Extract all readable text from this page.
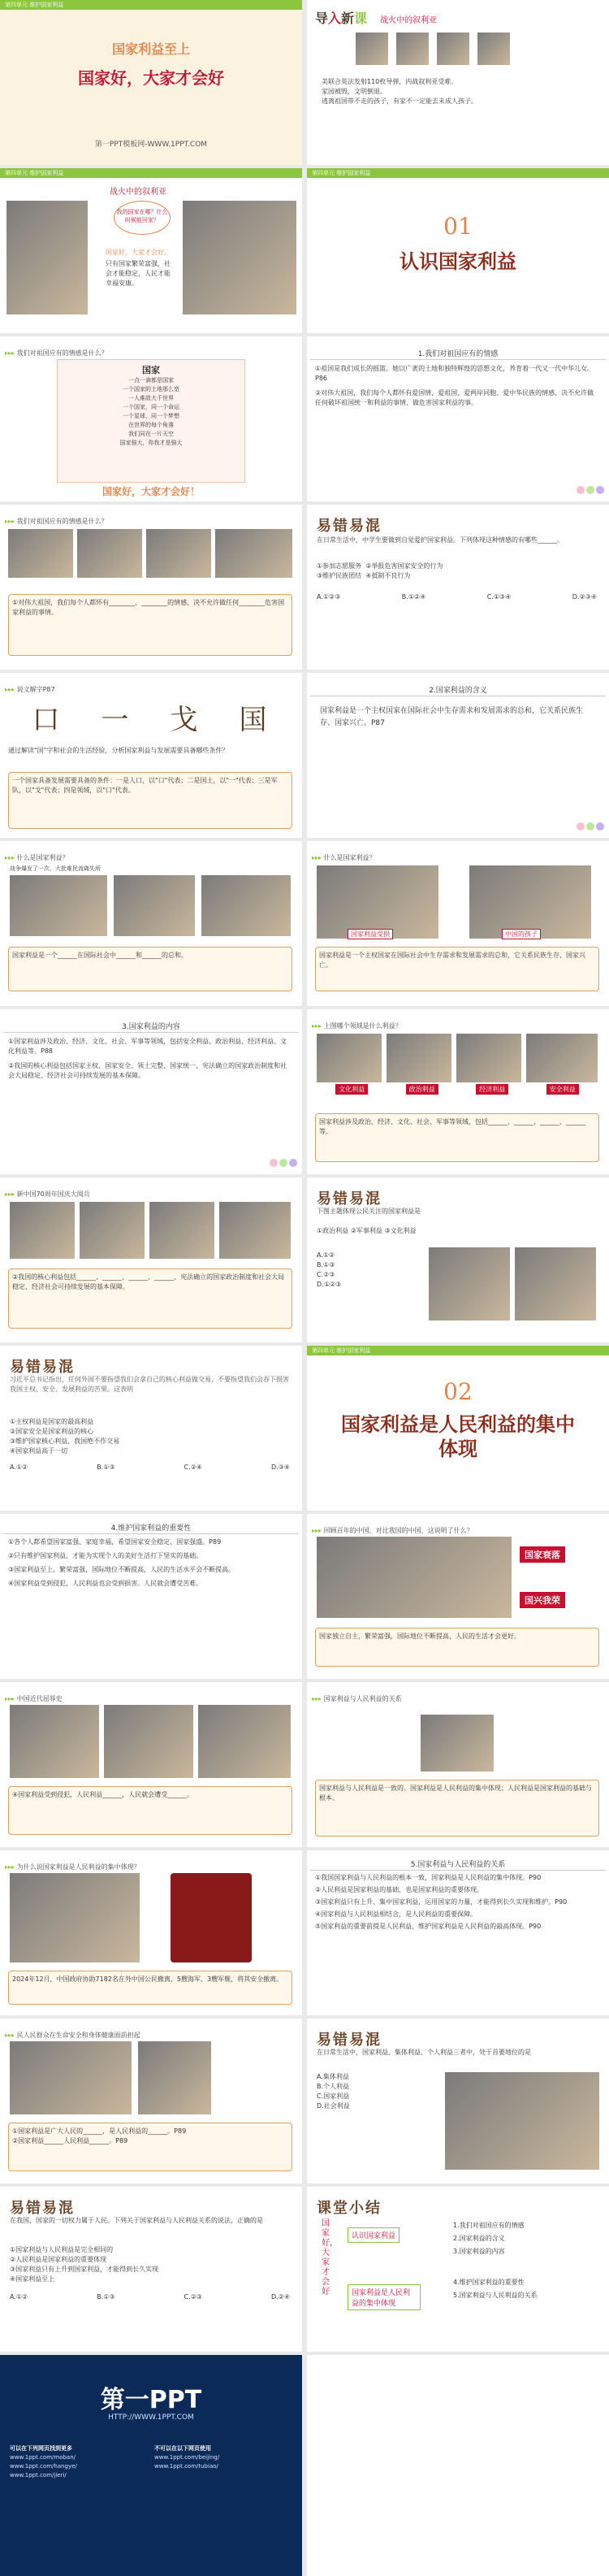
第四单元 维护国家利益
国家利益至上
国家好，大家才会好
第一PPT模板网-WWW.1PPT.COM
导入新课 战火中的叙利亚
美联合英法发射110枚导弹，内战叙利亚受难。
家园被毁，文明倒退。
逃离祖国带不走的孩子，有家不一定能去未成人孩子。
第四单元 维护国家利益
战火中的叙利亚
我的国家在哪？什么时候能回家？
国家好，大家才会好。
只有国家繁荣富强，社会才能稳定，人民才能幸福安康。
第四单元 维护国家利益
01
认识国家利益
▸▸▸ 我们对祖国应有的情感是什么？
国家
一点一滴都是国家
一个国家的土地那么宽
一人难敌大千世界
一个国家，同一个命运
一个星球，同一个梦想
在世界的每个角落
我们同在一片天空
国家强大，你我才是强大
国家好，大家才会好！
1.我们对祖国应有的情感

①祖国是我们成长的摇篮。她以广袤的土地和独特辉煌的思想文化，养育着一代又一代中华儿女。P86

②对伟大祖国，我们每个人都怀有爱国情、爱祖国、爱两岸同胞、爱中华民族的情感，决不允许做任何破坏祖国统一和利益的事情、做危害国家利益的事。

▸▸▸ 我们对祖国应有的情感是什么？
①对伟大祖国，我们每个人都怀有________、________的情感，决不允许做任何________危害国家利益的事情。
易错易混
在日常生活中，中学生要做到自觉爱护国家利益。下列体现这种情感的有哪些______。
①参加志愿服务 ②举报危害国家安全的行为
③维护民族团结 ④抵制不良行为
A.①②③	B.①②④	C.①③④	D.②③④
▸▸▸ 说文解字P87
口 一 戈 国
通过解读"国"字和社会的生活经验，分析国家利益与发展需要具备哪些条件？
一个国家具备发展需要具备的条件：一是人口，以"口"代表；二是国土，以"一"代表；三是军队，以"戈"代表；四是领域，以"口"代表。
2.国家利益的含义
国家利益是一个主权国家在国际社会中生存需求和发展需求的总和，它关系民族生存、国家兴亡。P87
▸▸▸ 什么是国家利益？
战争爆发了一次，大批难民流离失所
国家利益是一个______在国际社会中______和______的总和。
▸▸▸ 什么是国家利益？
国家利益受损	中国的孩子
国家利益是一个主权国家在国际社会中生存需求和发展需求的总和，它关系民族生存、国家兴亡。
3.国家利益的内容

①国家利益涉及政治、经济、文化、社会、军事等领域，包括安全利益、政治利益、经济利益、文化利益等。P88

②我国的核心利益包括国家主权、国家安全、领土完整、国家统一、宪法确立的国家政治制度和社会大局稳定、经济社会可持续发展的基本保障。

▸▸▸ 上图哪个领域是什么利益？
文化利益	政治利益	经济利益	安全利益
国家利益涉及政治、经济、文化、社会、军事等领域，包括______、______、______、______等。
▸▸▸ 新中国70周年国庆大阅兵
②我国的核心利益包括______、______、______、______、宪法确立的国家政治制度和社会大局稳定、经济社会可持续发展的基本保障。
易错易混
下图主题体现公民关注的国家利益是
①政治利益 ②军事利益 ③文化利益
A.①②
B.①③
C.②③
D.①②③
易错易混
习近平总书记指出，任何外国不要指望我们会拿自己的核心利益做交易，不要指望我们会吞下损害我国主权、安全、发展利益的苦果。这表明
①主权利益是国家的最高利益
②国家安全是国家利益的核心
③维护国家核心利益，我国绝不作交易
④国家利益高于一切
A.①②	B.①③	C.②④	D.③④
第四单元 维护国家利益
02
国家利益是人民利益的集中体现
4.维护国家利益的重要性

①各个人都希望国家富强、家庭幸福，希望国家安全稳定、国家强盛。P89

②只有维护国家利益，才能为实现个人的美好生活打下坚实的基础。

③国家利益至上，繁荣富强，国际地位不断提高，人民的生活水平会不断提高。

④国家利益受到侵犯，人民利益也会受到损害。人民就会遭受苦难。

▸▸▸ 回顾百年的中国，对比我国的中国，这说明了什么？
国家衰落
国兴我荣
国家独立自主，繁荣富强，国际地位不断提高，人民的生活才会更好。
▸▸▸ 中国近代屈辱史
④国家利益受到侵犯，人民利益______，人民就会遭受______。
▸▸▸ 国家利益与人民利益的关系
国家利益与人民利益是一致的。国家利益是人民利益的集中体现；人民利益是国家利益的基础与根本。
▸▸▸ 为什么说国家利益是人民利益的集中体现？
2024年12月，中国政府协助7182名在外中国公民撤离，5艘海军、3艘军舰，将其安全撤离。
5.国家利益与人民利益的关系

①我国国家利益与人民利益的根本一致，国家利益是人民利益的集中体现。P90

②人民利益是国家利益的基础，也是国家利益的重要体现。

③国家利益只有上升、集中国家利益，运用国家的力量，才能得到长久实现和维护。P90

④国家利益与人民利益相结合，是人民利益的重要保障。

⑤国家利益的重要前提是人民利益，维护国家利益是人民利益的最高体现。P90

▸▸▸ 民人民群众在生命安全和身体健康面前担起
①国家利益是广大人民的______，是人民利益的______。P89
②国家利益______人民利益______。P89
易错易混
在日常生活中，国家利益、集体利益、个人利益三者中，处于首要地位的是
A.集体利益
B.个人利益
C.国家利益
D.社会利益
易错易混
在我国，国家的一切权力属于人民。下列关于国家利益与人民利益关系的说法，正确的是
①国家利益与人民利益是完全相同的
②人民利益是国家利益的重要体现
③国家利益只有上升到国家利益，才能得到长久实现
④国家利益至上
A.①②	B.①③	C.②③	D.②④
课堂小结
国家好，大家才会好
认识国家利益
国家利益是人民利益的集中体现
1.我们对祖国应有的情感
2.国家利益的含义
3.国家利益的内容
4.维护国家利益的重要性
5.国家利益与人民利益的关系
第一PPT
HTTP://WWW.1PPT.COM
可以在下列网页找到更多
www.1ppt.com/moban/
www.1ppt.com/hangye/
www.1ppt.com/jieri/
不可以在以下网页使用
www.1ppt.com/beijing/
www.1ppt.com/tubiao/
